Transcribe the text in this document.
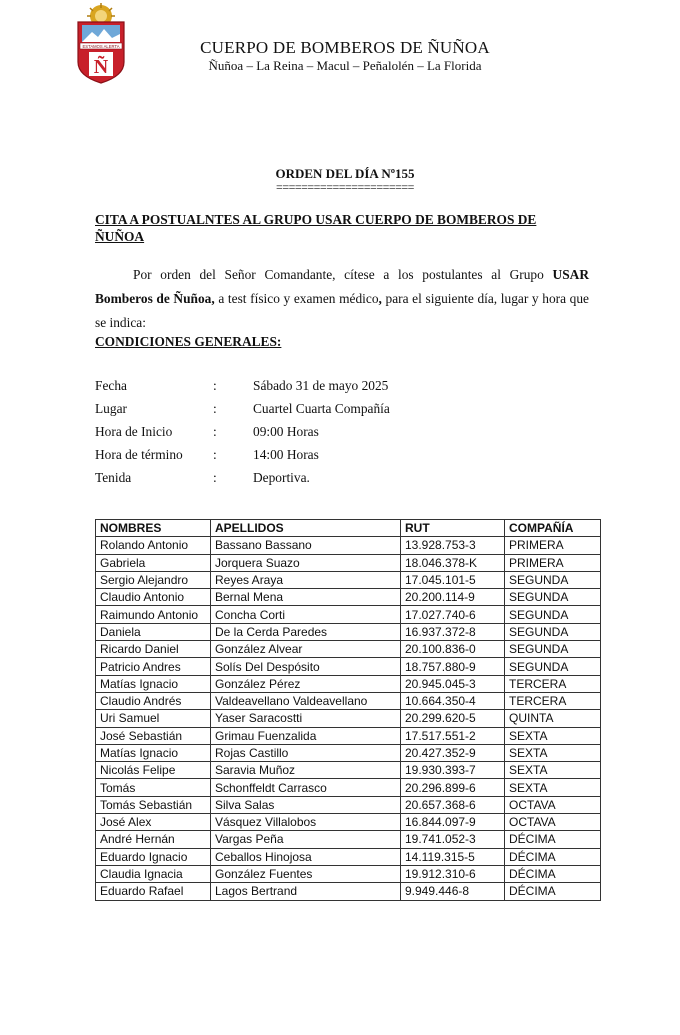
ESTAMOS ALERTA
Ñ
CUERPO DE BOMBEROS DE ÑUÑOA
Ñuñoa – La Reina – Macul – Peñalolén – La Florida
ORDEN DEL DÍA Nº155
======================
CITA A POSTUALNTES AL GRUPO USAR CUERPO DE BOMBEROS DE ÑUÑOA
Por orden del Señor Comandante, cítese a los postulantes al Grupo USAR Bomberos de Ñuñoa, a test físico y examen médico, para el siguiente día, lugar y hora que se indica:
CONDICIONES GENERALES:
Fecha	:	Sábado 31 de mayo 2025
Lugar	:	Cuartel Cuarta Compañía
Hora de Inicio	:	09:00 Horas
Hora de término :	14:00 Horas
Tenida	:	Deportiva.
NOMBRES	APELLIDOS	RUT	COMPAÑÍA
Rolando Antonio	Bassano Bassano	13.928.753-3	PRIMERA
Gabriela	Jorquera Suazo	18.046.378-K	PRIMERA
Sergio Alejandro	Reyes Araya	17.045.101-5	SEGUNDA
Claudio Antonio	Bernal Mena	20.200.114-9	SEGUNDA
Raimundo Antonio	Concha Corti	17.027.740-6	SEGUNDA
Daniela	De la Cerda Paredes	16.937.372-8	SEGUNDA
Ricardo Daniel	González Alvear	20.100.836-0	SEGUNDA
Patricio Andres	Solís Del Despósito	18.757.880-9	SEGUNDA
Matías Ignacio	González Pérez	20.945.045-3	TERCERA
Claudio Andrés	Valdeavellano Valdeavellano	10.664.350-4	TERCERA
Uri Samuel	Yaser Saracostti	20.299.620-5	QUINTA
José Sebastián	Grimau Fuenzalida	17.517.551-2	SEXTA
Matías Ignacio	Rojas Castillo	20.427.352-9	SEXTA
Nicolás Felipe	Saravia Muñoz	19.930.393-7	SEXTA
Tomás	Schonffeldt Carrasco	20.296.899-6	SEXTA
Tomás Sebastián	Silva Salas	20.657.368-6	OCTAVA
José Alex	Vásquez Villalobos	16.844.097-9	OCTAVA
André Hernán	Vargas Peña	19.741.052-3	DÉCIMA
Eduardo Ignacio	Ceballos Hinojosa	14.119.315-5	DÉCIMA
Claudia Ignacia	González Fuentes	19.912.310-6	DÉCIMA
Eduardo Rafael	Lagos Bertrand	9.949.446-8	DÉCIMA
